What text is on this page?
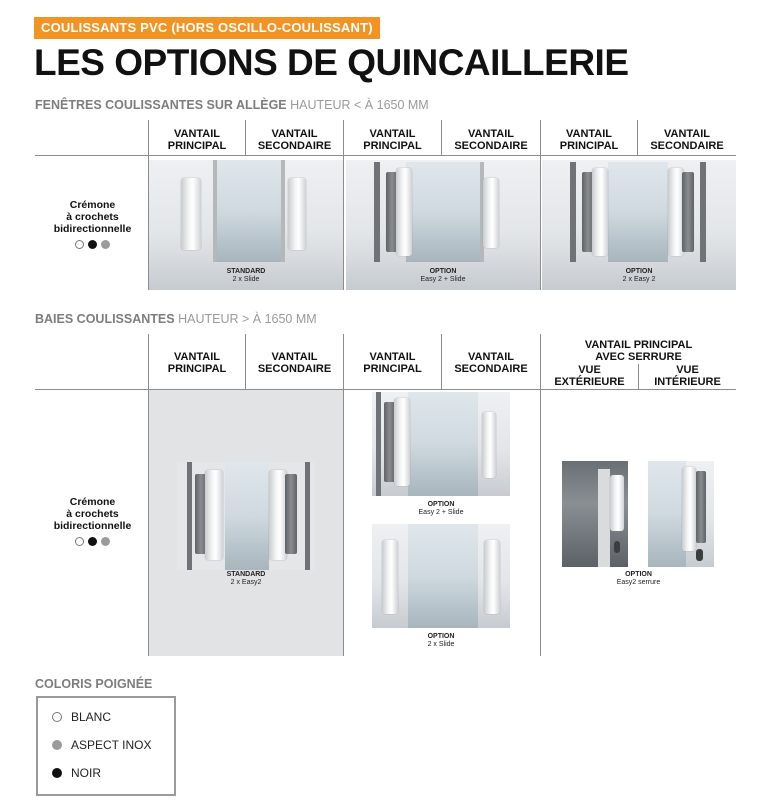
COULISSANTS PVC (HORS OSCILLO-COULISSANT)
LES OPTIONS DE QUINCAILLERIE
FENÊTRES COULISSANTES SUR ALLÈGE HAUTEUR < À 1650 MM
VANTAIL
PRINCIPAL
VANTAIL
SECONDAIRE
VANTAIL
PRINCIPAL
VANTAIL
SECONDAIRE
VANTAIL
PRINCIPAL
VANTAIL
SECONDAIRE
Crémone
à crochets
bidirectionnelle
STANDARD
2 x Slide
OPTION
Easy 2 + Slide
OPTION
2 x Easy 2
BAIES COULISSANTES HAUTEUR > À 1650 MM
VANTAIL
PRINCIPAL
VANTAIL
SECONDAIRE
VANTAIL
PRINCIPAL
VANTAIL
SECONDAIRE
VANTAIL PRINCIPAL
AVEC SERRURE
VUE
EXTÉRIEURE
VUE
INTÉRIEURE
Crémone
à crochets
bidirectionnelle
STANDARD
2 x Easy2
OPTION
Easy 2 + Slide
OPTION
2 x Slide
OPTION
Easy2 serrure
COLORIS POIGNÉE
BLANC
ASPECT INOX
NOIR
